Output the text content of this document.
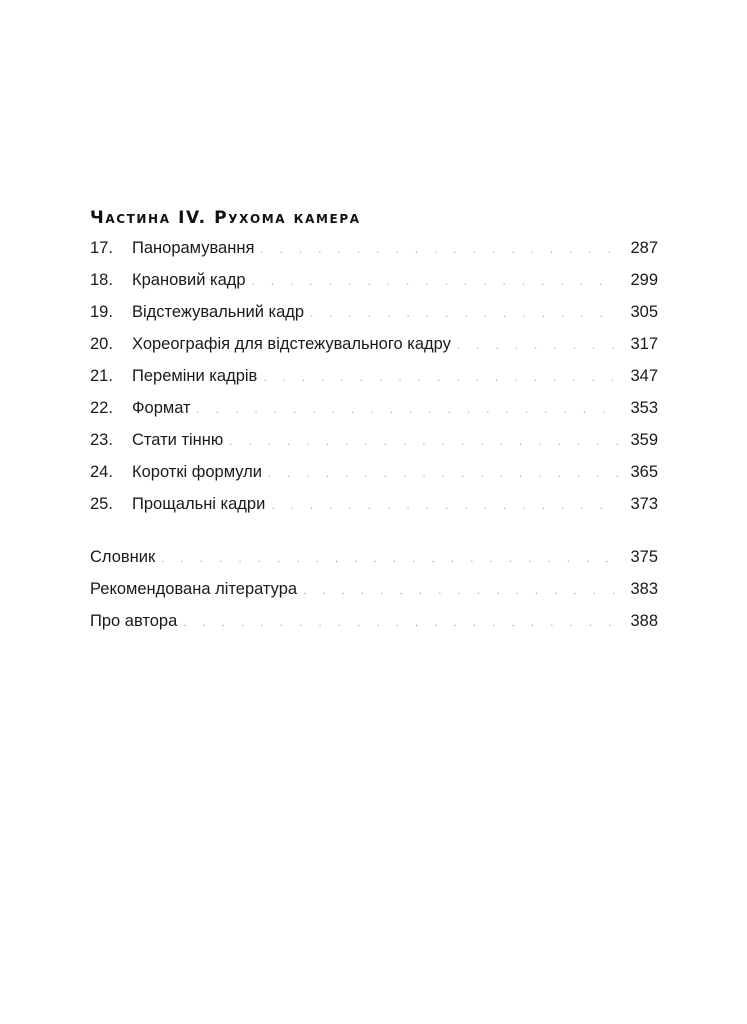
Частина IV. Рухома камера
17.	Панорамування . . .	287
18.	Крановий кадр . . .	299
19.	Відстежувальний кадр . . .	305
20.	Хореографія для відстежувального кадру . . .	317
21.	Переміни кадрів . . .	347
22.	Формат . . .	353
23.	Стати тінню . . .	359
24.	Короткі формули . . .	365
25.	Прощальні кадри . . .	373
Словник . . .	375
Рекомендована література . . .	383
Про автора . . .	388
